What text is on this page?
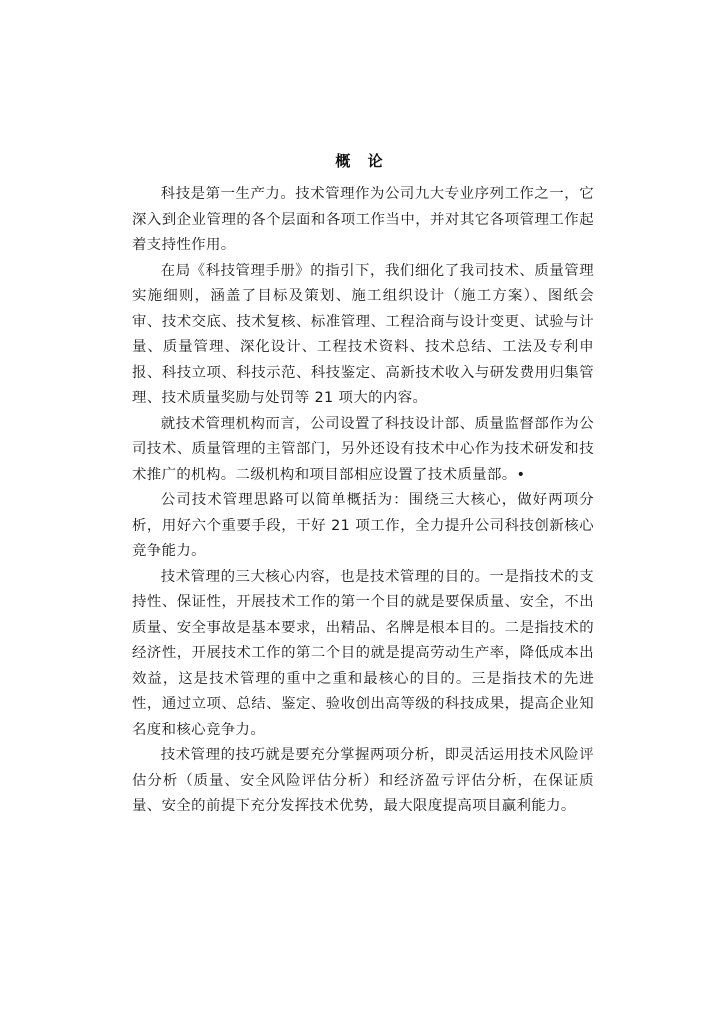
概 论

科技是第一生产力。技术管理作为公司九大专业序列工作之一，它深入到企业管理的各个层面和各项工作当中，并对其它各项管理工作起着支持性作用。

在局《科技管理手册》的指引下，我们细化了我司技术、质量管理实施细则，涵盖了目标及策划、施工组织设计（施工方案）、图纸会审、技术交底、技术复核、标准管理、工程洽商与设计变更、试验与计量、质量管理、深化设计、工程技术资料、技术总结、工法及专利申报、科技立项、科技示范、科技鉴定、高新技术收入与研发费用归集管理、技术质量奖励与处罚等 21 项大的内容。

就技术管理机构而言，公司设置了科技设计部、质量监督部作为公司技术、质量管理的主管部门，另外还设有技术中心作为技术研发和技术推广的机构。二级机构和项目部相应设置了技术质量部。•

公司技术管理思路可以简单概括为：围绕三大核心，做好两项分析，用好六个重要手段，干好 21 项工作，全力提升公司科技创新核心竞争能力。

技术管理的三大核心内容，也是技术管理的目的。一是指技术的支持性、保证性，开展技术工作的第一个目的就是要保质量、安全，不出质量、安全事故是基本要求，出精品、名牌是根本目的。二是指技术的经济性，开展技术工作的第二个目的就是提高劳动生产率，降低成本出效益，这是技术管理的重中之重和最核心的目的。三是指技术的先进性，通过立项、总结、鉴定、验收创出高等级的科技成果，提高企业知名度和核心竞争力。

技术管理的技巧就是要充分掌握两项分析，即灵活运用技术风险评估分析（质量、安全风险评估分析）和经济盈亏评估分析，在保证质量、安全的前提下充分发挥技术优势，最大限度提高项目赢利能力。
